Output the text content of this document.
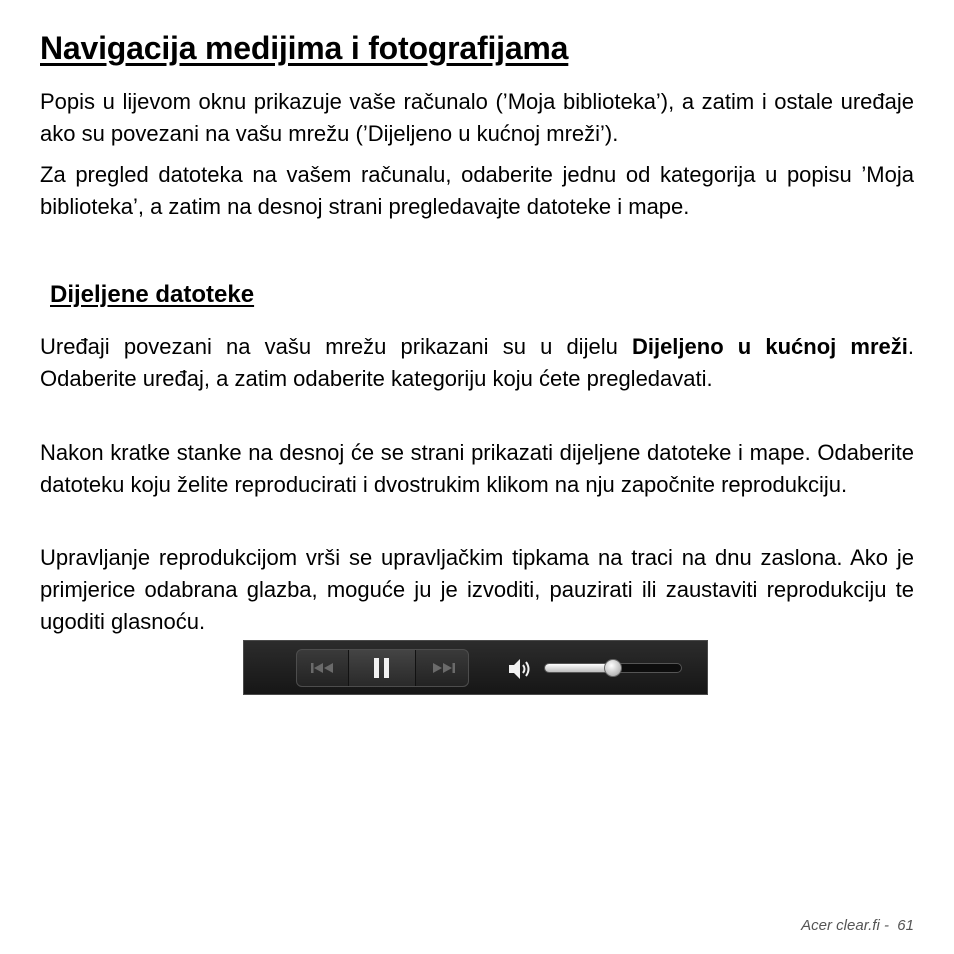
Navigacija medijima i fotografijama

Popis u lijevom oknu prikazuje vaše računalo (’Moja biblioteka’), a zatim i ostale uređaje ako su povezani na vašu mrežu (’Dijeljeno u kućnoj mreži’).

Za pregled datoteka na vašem računalu, odaberite jednu od kategorija u popisu ’Moja biblioteka’, a zatim na desnoj strani pregledavajte datoteke i mape.

Dijeljene datoteke

Uređaji povezani na vašu mrežu prikazani su u dijelu Dijeljeno u kućnoj mreži. Odaberite uređaj, a zatim odaberite kategoriju koju ćete pregledavati.

Nakon kratke stanke na desnoj će se strani prikazati dijeljene datoteke i mape. Odaberite datoteku koju želite reproducirati i dvostrukim klikom na nju započnite reprodukciju.

Upravljanje reprodukcijom vrši se upravljačkim tipkama na traci na dnu zaslona. Ako je primjerice odabrana glazba, moguće ju je izvoditi, pauzirati ili zaustaviti reprodukciju te ugoditi glasnoću.

Acer clear.fi -  61
